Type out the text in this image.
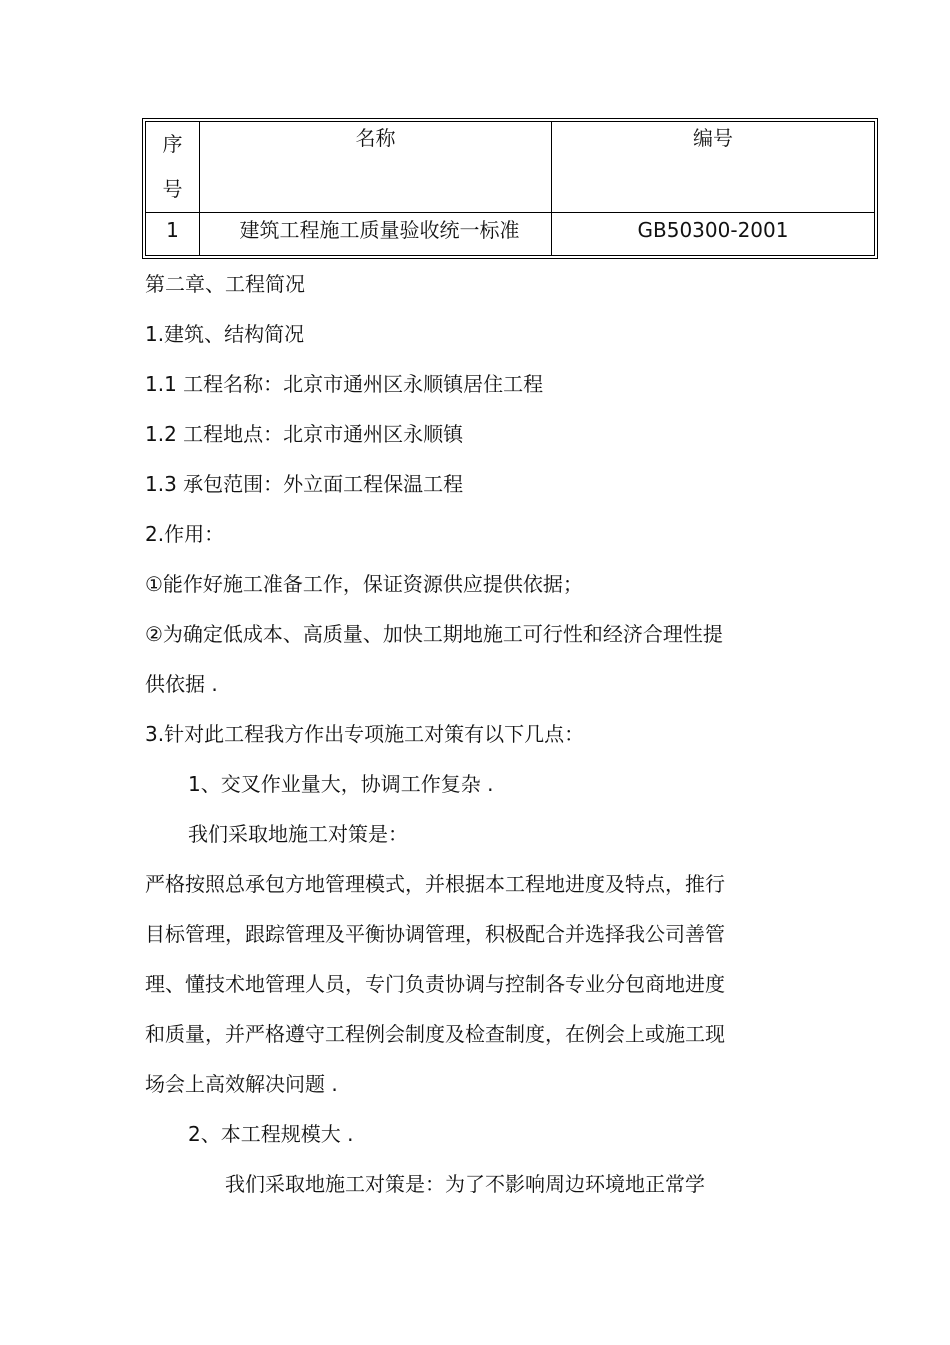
序
号	名称	编号
1	建筑工程施工质量验收统一标准	GB50300-2001
第二章、工程简况
1.建筑、结构简况
1.1 工程名称：北京市通州区永顺镇居住工程
1.2 工程地点：北京市通州区永顺镇
1.3 承包范围：外立面工程保温工程
2.作用：
①能作好施工准备工作，保证资源供应提供依据；
②为确定低成本、高质量、加快工期地施工可行性和经济合理性提
供依据 .
3.针对此工程我方作出专项施工对策有以下几点：
1、交叉作业量大，协调工作复杂 .
我们采取地施工对策是：
严格按照总承包方地管理模式，并根据本工程地进度及特点，推行
目标管理，跟踪管理及平衡协调管理，积极配合并选择我公司善管
理、懂技术地管理人员，专门负责协调与控制各专业分包商地进度
和质量，并严格遵守工程例会制度及检查制度，在例会上或施工现
场会上高效解决问题 .
2、本工程规模大 .
我们采取地施工对策是：为了不影响周边环境地正常学
